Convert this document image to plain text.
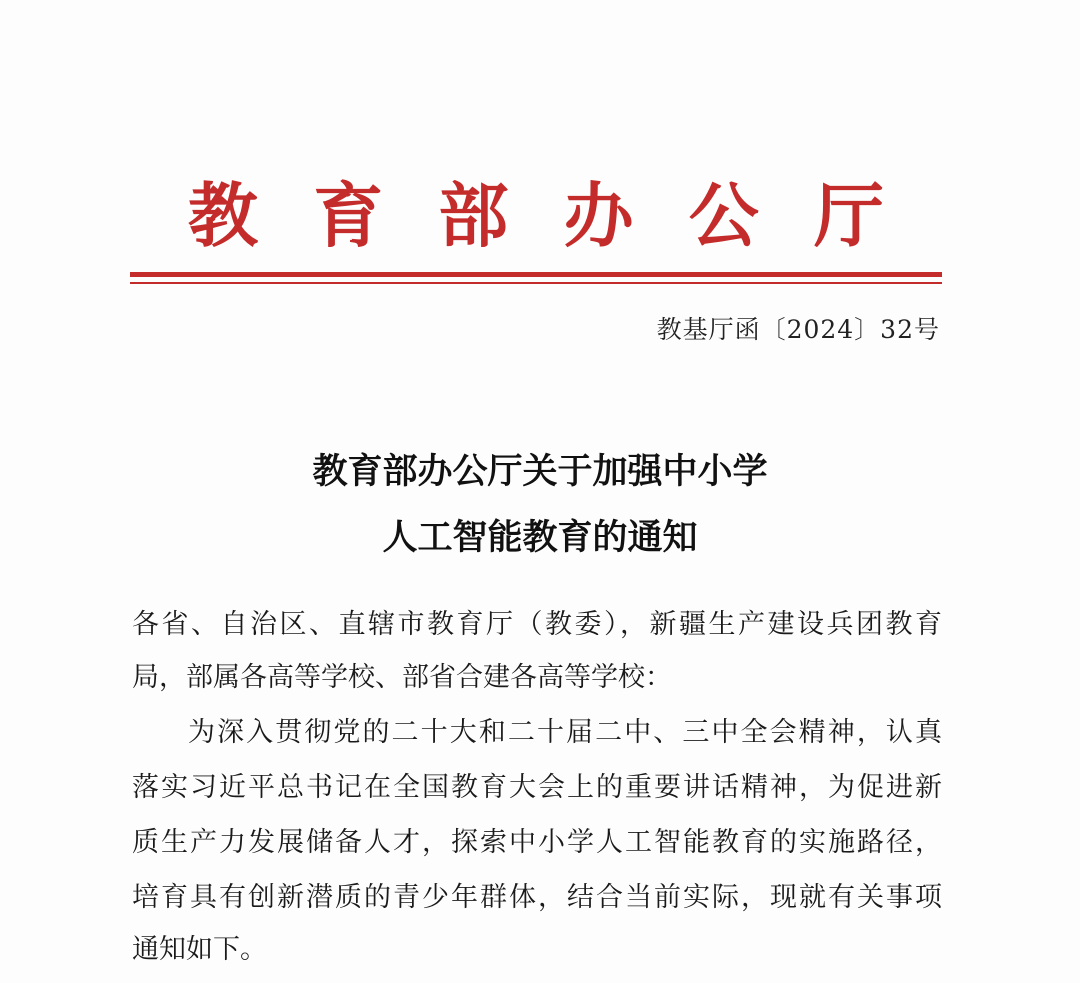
教 育 部 办 公 厅
教基厅函〔2024〕32号
教育部办公厅关于加强中小学
人工智能教育的通知
各省、自治区、直辖市教育厅（教委），新疆生产建设兵团教育
局，部属各高等学校、部省合建各高等学校：
为深入贯彻党的二十大和二十届二中、三中全会精神，认真
落实习近平总书记在全国教育大会上的重要讲话精神，为促进新
质生产力发展储备人才，探索中小学人工智能教育的实施路径，
培育具有创新潜质的青少年群体，结合当前实际，现就有关事项
通知如下。
